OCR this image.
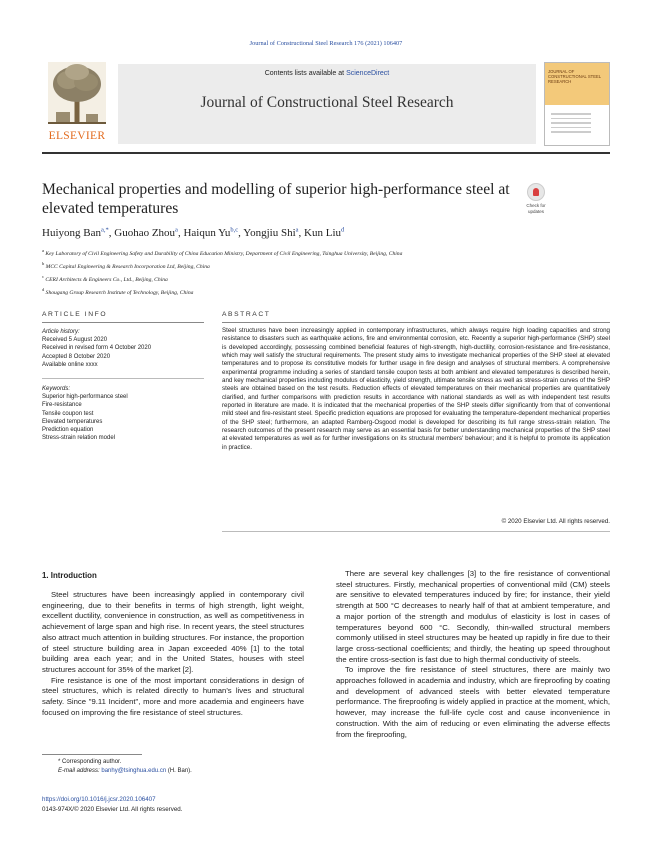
Journal of Constructional Steel Research 176 (2021) 106407
ELSEVIER
Contents lists available at ScienceDirect
Journal of Constructional Steel Research
JOURNAL OF CONSTRUCTIONAL STEEL RESEARCH
Mechanical properties and modelling of superior high-performance steel at elevated temperatures	Check for updates
Huiyong Ban$^{a,*}$, Guohao Zhou$^a$, Haiqun Yu$^{b,c}$, Yongjiu Shi$^a$, Kun Liu$^d$
$^a$ Key Laboratory of Civil Engineering Safety and Durability of China Education Ministry, Department of Civil Engineering, Tsinghua University, Beijing, China
$^b$ MCC Capital Engineering & Research Incorporation Ltd, Beijing, China
$^c$ CERI Architects & Engineers Co., Ltd., Beijing, China
$^d$ Shougang Group Research Institute of Technology, Beijing, China
ARTICLE INFO	ABSTRACT
Article history:
Received 5 August 2020
Received in revised form 4 October 2020
Accepted 8 October 2020
Available online xxxx
Keywords:
Superior high-performance steel
Fire-resistance
Tensile coupon test
Elevated temperatures
Prediction equation
Stress-strain relation model
Steel structures have been increasingly applied in contemporary infrastructures, which always require high loading capacities and strong resistance to disasters such as earthquake actions, fire and environmental corrosion, etc. Recently a superior high-performance (SHP) steel is developed accordingly, possessing combined beneficial features of high-strength, high-ductility, corrosion-resistance and fire-resistance, which may well satisfy the structural requirements. The present study aims to investigate mechanical properties of the SHP steel at elevated temperatures and to propose its constitutive models for further usage in fire design and analyses of structural members. A comprehensive experimental programme including a series of standard tensile coupon tests at both ambient and elevated temperatures is described herein, and key mechanical properties including modulus of elasticity, yield strength, ultimate tensile stress as well as stress-strain curves of the SHP steels are obtained based on the test results. Reduction effects of elevated temperatures on their mechanical properties are quantitatively clarified, and further comparisons with prediction results in accordance with national standards as well as with independent test results reported in literature are made. It is indicated that the mechanical properties of the SHP steels differ significantly from that of conventional mild steel and fire-resistant steel. Specific prediction equations are proposed for evaluating the temperature-dependent mechanical properties of the SHP steel; furthermore, an adapted Ramberg-Osgood model is developed for describing its full range stress-strain relation. The research outcomes of the present research may serve as an essential basis for better understanding mechanical properties of the SHP steel at elevated temperatures as well as for further investigations on its structural members' behaviour; and it is helpful to promote its application in practice.
© 2020 Elsevier Ltd. All rights reserved.
1. Introduction

Steel structures have been increasingly applied in contemporary civil engineering, due to their benefits in terms of high strength, light weight, excellent ductility, convenience in construction, as well as competitiveness in achievement of large span and high rise. In recent years, the steel structures also attract much attention in building structures. For instance, the proportion of steel structure building area in Japan exceeded 40% [1] to the total building area each year; and in the United States, houses with steel structures account for 35% of the market [2].

Fire resistance is one of the most important considerations in design of steel structures, which is related directly to human's lives and structural safety. Since "9.11 Incident", more and more academia and engineers have focused on improving the fire resistance of steel structures.

There are several key challenges [3] to the fire resistance of conventional steel structures. Firstly, mechanical properties of conventional mild (CM) steels are sensitive to elevated temperatures induced by fire; for instance, their yield strength at 500 °C decreases to nearly half of that at ambient temperature, and a major portion of the strength and modulus of elasticity is lost in cases of temperatures beyond 600 °C. Secondly, thin-walled structural members commonly utilised in steel structures may be heated up rapidly in fire due to their large cross-sectional coefficients; and thirdly, the heating up speed throughout the entire cross-section is fast due to high thermal conductivity of steels.

To improve the fire resistance of steel structures, there are mainly two approaches followed in academia and industry, which are fireproofing by coating and development of advanced steels with better elevated temperature performance. The fireproofing is widely applied in practice at the moment, which, however, may increase the full-life cycle cost and cause inconvenience in construction. With the aim of reducing or even eliminating the adverse effects from the fireproofing,

* Corresponding author.
E-mail address: banhy@tsinghua.edu.cn (H. Ban).
https://doi.org/10.1016/j.jcsr.2020.106407
0143-974X/© 2020 Elsevier Ltd. All rights reserved.
